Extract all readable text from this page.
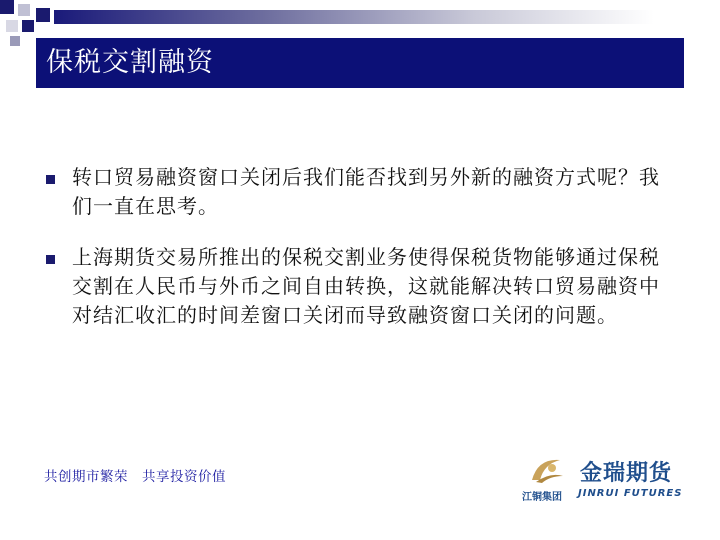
保税交割融资
转口贸易融资窗口关闭后我们能否找到另外新的融资方式呢？我们一直在思考。
上海期货交易所推出的保税交割业务使得保税货物能够通过保税交割在人民币与外币之间自由转换，这就能解决转口贸易融资中对结汇收汇的时间差窗口关闭而导致融资窗口关闭的问题。
共创期市繁荣　共享投资价值	金瑞期货
江铜集团 JINRUI FUTURES
